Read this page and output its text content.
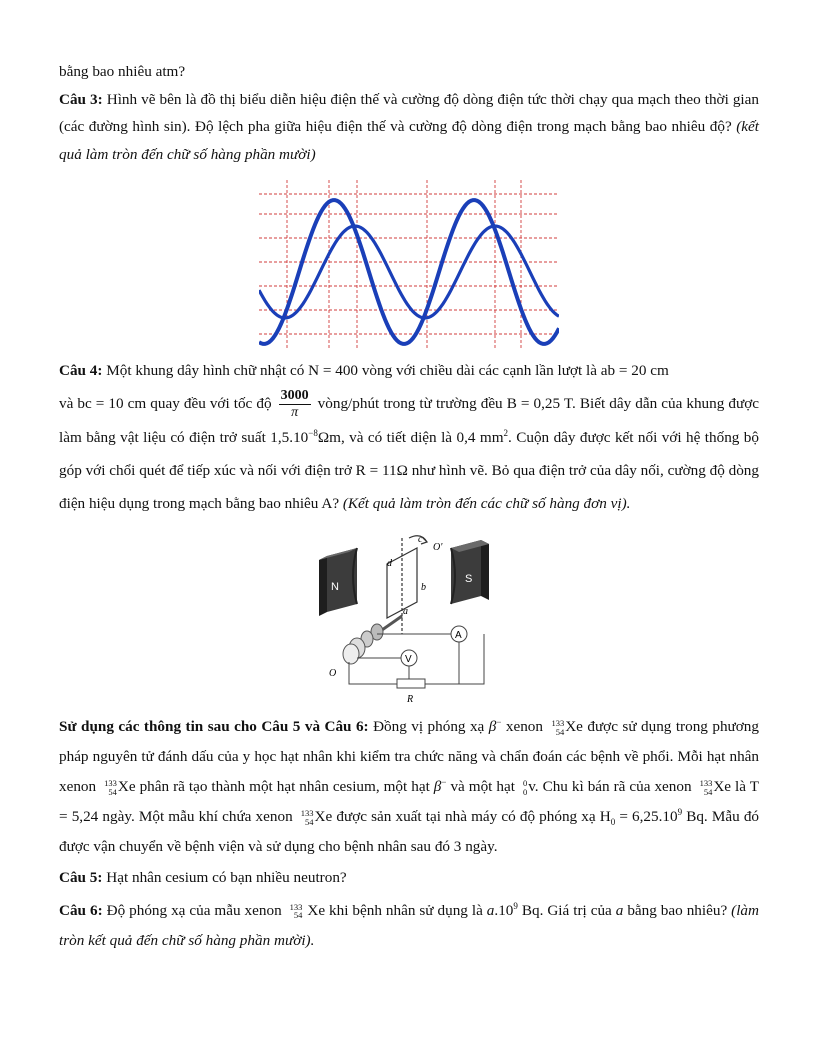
bằng bao nhiêu atm?

Câu 3: Hình vẽ bên là đồ thị biểu diễn hiệu điện thế và cường độ dòng điện tức thời chạy qua mạch theo thời gian (các đường hình sin). Độ lệch pha giữa hiệu điện thế và cường độ dòng điện trong mạch bằng bao nhiêu độ? (kết quả làm tròn đến chữ số hàng phần mười)

Câu 4: Một khung dây hình chữ nhật có N = 400 vòng với chiều dài các cạnh lần lượt là ab = 20 cm
và bc = 10 cm quay đều với tốc độ $\frac{3000}{\pi}$ vòng/phút trong từ trường đều B = 0,25 T. Biết dây dẫn của khung được làm bằng vật liệu có điện trở suất $1,5.10^{-8}\Omega m$, và có tiết diện là 0,4 $mm^2$. Cuộn dây được kết nối với hệ thống bộ góp với chổi quét để tiếp xúc và nối với điện trở R = 11Ω như hình vẽ. Bỏ qua điện trở của dây nối, cường độ dòng điện hiệu dụng trong mạch bằng bao nhiêu A? (Kết quả làm tròn đến các chữ số hàng đơn vị).

N
S
A
V
R
a
b
c
d
O
O'

Sử dụng các thông tin sau cho Câu 5 và Câu 6: Đồng vị phóng xạ β− xenon 133
54 Xe được sử dụng trong phương pháp nguyên tử đánh dấu của y học hạt nhân khi kiểm tra chức năng và chẩn đoán các bệnh về phổi. Mỗi hạt nhân xenon 133
54 Xe phân rã tạo thành một hạt nhân cesium, một hạt β− và một hạt 0
0 v. Chu kì bán rã của xenon 133
54 Xe là T = 5,24 ngày. Một mẫu khí chứa xenon 133
54 Xe được sản xuất tại nhà máy có độ phóng xạ $H_0 = 6,25.10^9$ Bq. Mẫu đó được vận chuyển về bệnh viện và sử dụng cho bệnh nhân sau đó 3 ngày.

Câu 5: Hạt nhân cesium có bạn nhiều neutron?

Câu 6: Độ phóng xạ của mẫu xenon 133
54 Xe khi bệnh nhân sử dụng là $a.10^9$ Bq. Giá trị của a bằng bao nhiêu? (làm tròn kết quả đến chữ số hàng phần mười).
